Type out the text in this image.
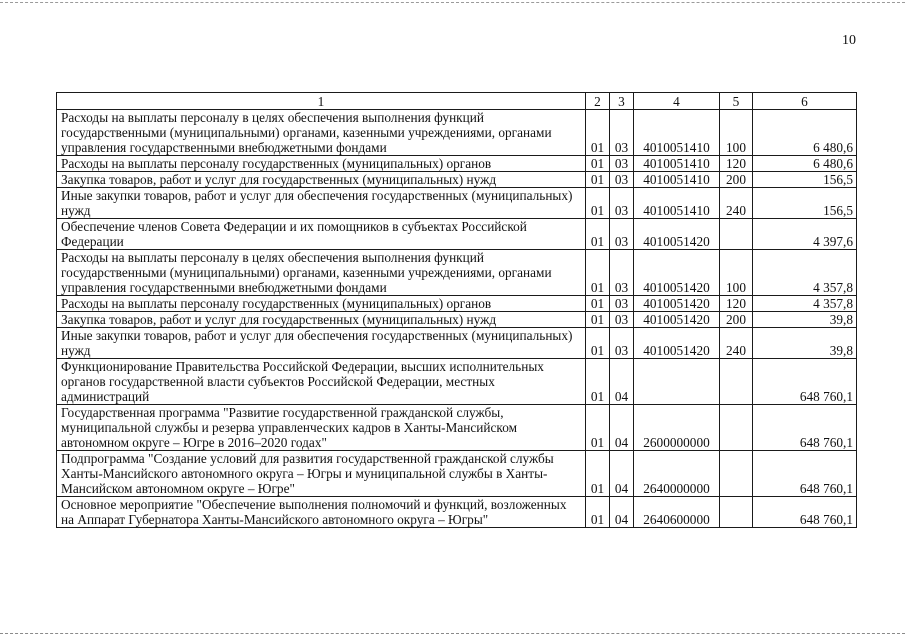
10
1	2	3	4	5	6
Расходы на выплаты персоналу в целях обеспечения выполнения функций государственными (муниципальными) органами, казенными учреждениями, органами управления государственными внебюджетными фондами	01	03	4010051410	100	6 480,6
Расходы на выплаты персоналу государственных (муниципальных) органов	01	03	4010051410	120	6 480,6
Закупка товаров, работ и услуг для государственных (муниципальных) нужд	01	03	4010051410	200	156,5
Иные закупки товаров, работ и услуг для обеспечения государственных (муниципальных) нужд	01	03	4010051410	240	156,5
Обеспечение членов Совета Федерации и их помощников в субъектах Российской Федерации	01	03	4010051420		4 397,6
Расходы на выплаты персоналу в целях обеспечения выполнения функций государственными (муниципальными) органами, казенными учреждениями, органами управления государственными внебюджетными фондами	01	03	4010051420	100	4 357,8
Расходы на выплаты персоналу государственных (муниципальных) органов	01	03	4010051420	120	4 357,8
Закупка товаров, работ и услуг для государственных (муниципальных) нужд	01	03	4010051420	200	39,8
Иные закупки товаров, работ и услуг для обеспечения государственных (муниципальных) нужд	01	03	4010051420	240	39,8
Функционирование Правительства Российской Федерации, высших исполнительных органов государственной власти субъектов Российской Федерации, местных администраций	01	04			648 760,1
Государственная программа "Развитие государственной гражданской службы, муниципальной службы и резерва управленческих кадров в Ханты-Мансийском автономном округе – Югре в 2016–2020 годах"	01	04	2600000000		648 760,1
Подпрограмма "Создание условий для развития государственной гражданской службы Ханты-Мансийского автономного округа – Югры и муниципальной службы в Ханты-Мансийском автономном округе – Югре"	01	04	2640000000		648 760,1
Основное мероприятие "Обеспечение выполнения полномочий и функций, возложенных на Аппарат Губернатора Ханты-Мансийского автономного округа – Югры"	01	04	2640600000		648 760,1
